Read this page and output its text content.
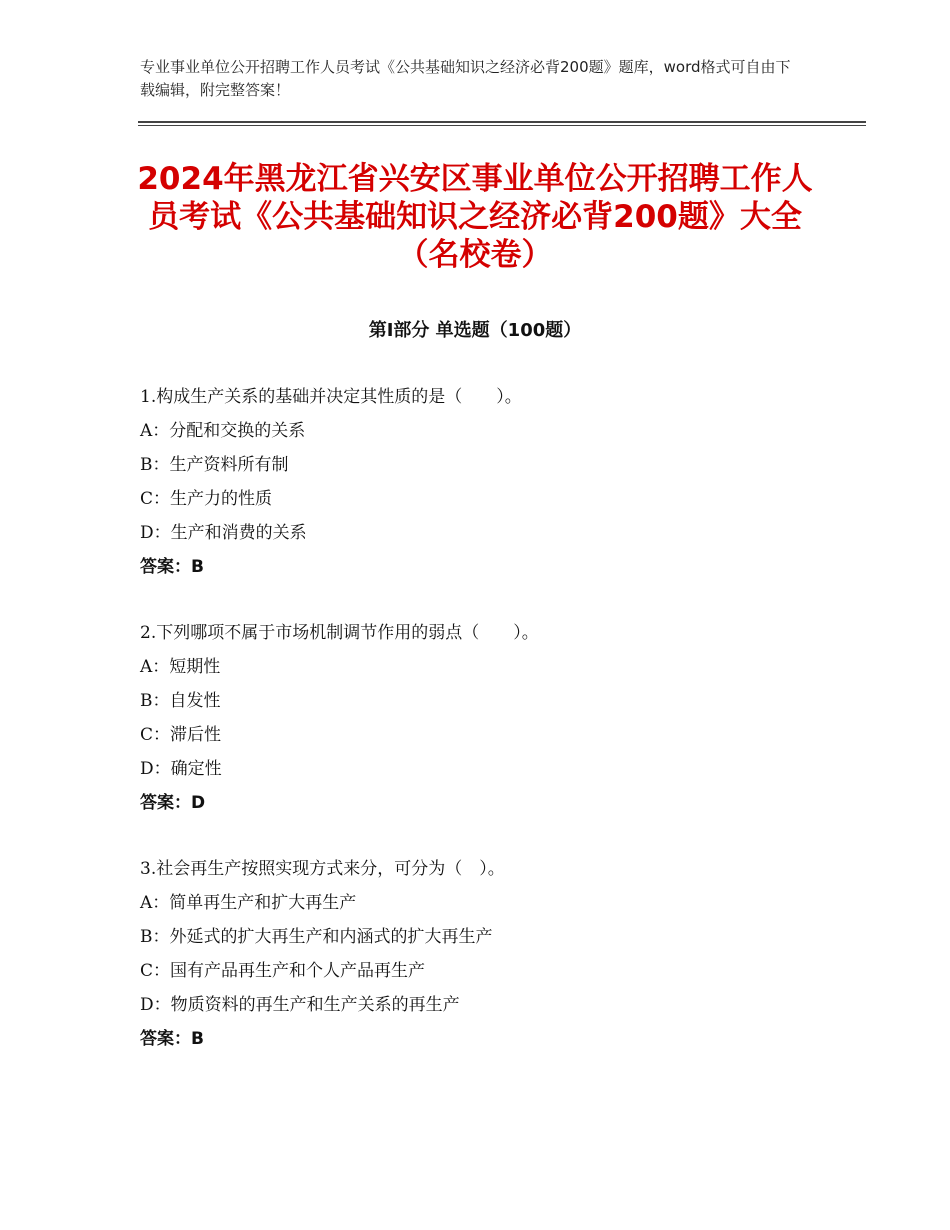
专业事业单位公开招聘工作人员考试《公共基础知识之经济必背200题》题库，word格式可自由下载编辑，附完整答案！
2024年黑龙江省兴安区事业单位公开招聘工作人员考试《公共基础知识之经济必背200题》大全（名校卷）
第Ⅰ部分 单选题（100题）
1.构成生产关系的基础并决定其性质的是（　　）。
A：分配和交换的关系
B：生产资料所有制
C：生产力的性质
D：生产和消费的关系
答案：B
2.下列哪项不属于市场机制调节作用的弱点（　　）。
A：短期性
B：自发性
C：滞后性
D：确定性
答案：D
3.社会再生产按照实现方式来分，可分为（　）。
A：简单再生产和扩大再生产
B：外延式的扩大再生产和内涵式的扩大再生产
C：国有产品再生产和个人产品再生产
D：物质资料的再生产和生产关系的再生产
答案：B
